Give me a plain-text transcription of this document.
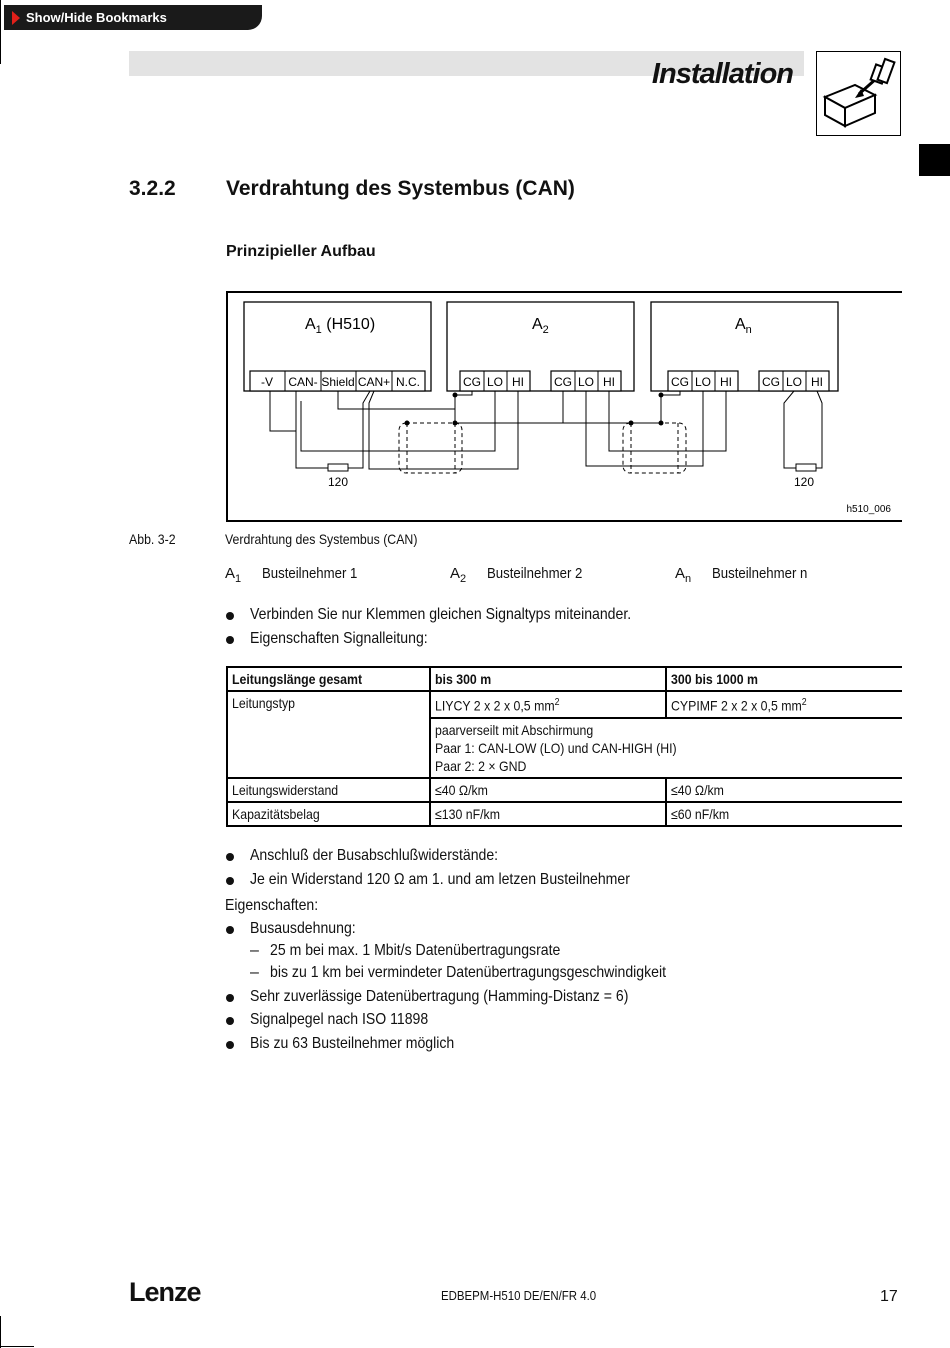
Show/Hide Bookmarks
Installation
3.2.2 Verdrahtung des Systembus (CAN)
Prinzipieller Aufbau
$A_1$ (H510)
-V CAN- Shield CAN+ N.C.
$A_2$
CG LO HI	CG LO HI
$A_n$
CG LO HI	CG LO HI
120	120
h510_006
Abb. 3-2	Verdrahtung des Systembus (CAN)
$A_1$ Busteilnehmer 1	$A_2$ Busteilnehmer 2	$A_n$ Busteilnehmer n
Verbinden Sie nur Klemmen gleichen Signaltyps miteinander.
Eigenschaften Signalleitung:
Leitungslänge gesamt	bis 300 m	300 bis 1000 m
Leitungstyp	LIYCY 2 x 2 x 0,5 $mm^2$	CYPIMF 2 x 2 x 0,5 $mm^2$

	paarverseilt mit Abschirmung
Paar 1: CAN-LOW (LO) und CAN-HIGH (HI)
Paar 2: 2 × GND	

Leitungswiderstand	≤40 Ω/km	≤40 Ω/km
Kapazitätsbelag	≤130 nF/km	≤60 nF/km
Anschluß der Busabschlußwiderstände:
Je ein Widerstand 120 Ω am 1. und am letzen Busteilnehmer
Eigenschaften:
Busausdehnung:
– 25 m bei max. 1 Mbit/s Datenübertragungsrate
– bis zu 1 km bei vermindeter Datenübertragungsgeschwindigkeit
Sehr zuverlässige Datenübertragung (Hamming-Distanz = 6)
Signalpegel nach ISO 11898
Bis zu 63 Busteilnehmer möglich
Lenze	EDBEPM-H510 DE/EN/FR 4.0	17
